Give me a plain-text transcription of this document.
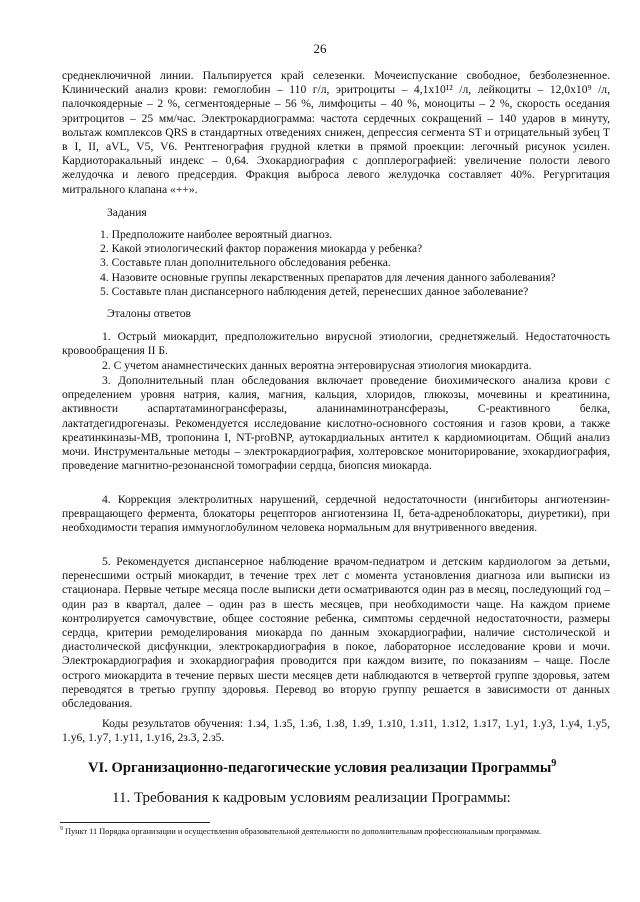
26
среднеключичной линии. Пальпируется край селезенки. Мочеиспускание свободное, безболезненное. Клинический анализ крови: гемоглобин – 110 г/л, эритроциты – 4,1х10¹² /л, лейкоциты – 12,0х10⁹ /л, палочкоядерные – 2 %, сегментоядерные – 56 %, лимфоциты – 40 %, моноциты – 2 %, скорость оседания эритроцитов – 25 мм/час. Электрокардиограмма: частота сердечных сокращений – 140 ударов в минуту, вольтаж комплексов QRS в стандартных отведениях снижен, депрессия сегмента ST и отрицательный зубец Т в I, II, aVL, V5, V6. Рентгенография грудной клетки в прямой проекции: легочный рисунок усилен. Кардиоторакальный индекс – 0,64. Эхокардиография с допплерографией: увеличение полости левого желудочка и левого предсердия. Фракция выброса левого желудочка составляет 40%. Регургитация митрального клапана «++».
Задания
1. Предположите наиболее вероятный диагноз.
2. Какой этиологический фактор поражения миокарда у ребенка?
3. Составьте план дополнительного обследования ребенка.
4. Назовите основные группы лекарственных препаратов для лечения данного заболевания?
5. Составьте план диспансерного наблюдения детей, перенесших данное заболевание?
Эталоны ответов
1. Острый миокардит, предположительно вирусной этиологии, среднетяжелый. Недостаточность кровообращения II Б.
2. С учетом анамнестических данных вероятна энтеровирусная этиология миокардита.
3. Дополнительный план обследования включает проведение биохимического анализа крови с определением уровня натрия, калия, магния, кальция, хлоридов, глюкозы, мочевины и креатинина, активности аспартатаминогрансферазы, аланинаминотрансферазы, С-реактивного белка, лактатдегидрогеназы. Рекомендуется исследование кислотно-основного состояния и газов крови, а также креатинкиназы-МВ, тропонина I, NT-proBNP, аутокардиальных антител к кардиомиоцитам. Общий анализ мочи. Инструментальные методы – электрокардиография, холтеровское мониторирование, эхокардиография, проведение магнитно-резонансной томографии сердца, биопсия миокарда.
4. Коррекция электролитных нарушений, сердечной недостаточности (ингибиторы ангиотензин-превращающего фермента, блокаторы рецепторов ангиотензина II, бета-адреноблокаторы, диуретики), при необходимости терапия иммуноглобулином человека нормальным для внутривенного введения.
5. Рекомендуется диспансерное наблюдение врачом-педиатром и детским кардиологом за детьми, перенесшими острый миокардит, в течение трех лет с момента установления диагноза или выписки из стационара. Первые четыре месяца после выписки дети осматриваются один раз в месяц, последующий год – один раз в квартал, далее – один раз в шесть месяцев, при необходимости чаще. На каждом приеме контролируется самочувствие, общее состояние ребенка, симптомы сердечной недостаточности, размеры сердца, критерии ремоделирования миокарда по данным эхокардиографии, наличие систолической и диастолической дисфункции, электрокардиография в покое, лабораторное исследование крови и мочи. Электрокардиография и эхокардиография проводится при каждом визите, по показаниям – чаще. После острого миокардита в течение первых шести месяцев дети наблюдаются в четвертой группе здоровья, затем переводятся в третью группу здоровья. Перевод во вторую группу решается в зависимости от данных обследования.
Коды результатов обучения: 1.з4, 1.з5, 1.з6, 1.з8, 1.з9, 1.з10, 1.з11, 1.з12, 1.з17, 1.у1, 1.у3, 1.у4, 1.у5, 1.у6, 1.у7, 1.у11, 1.у16, 2з.3, 2.з5.
VI. Организационно-педагогические условия реализации Программы$^9$
11. Требования к кадровым условиям реализации Программы:
$^9$ Пункт 11 Порядка организации и осуществления образовательной деятельности по дополнительным профессиональным программам.
